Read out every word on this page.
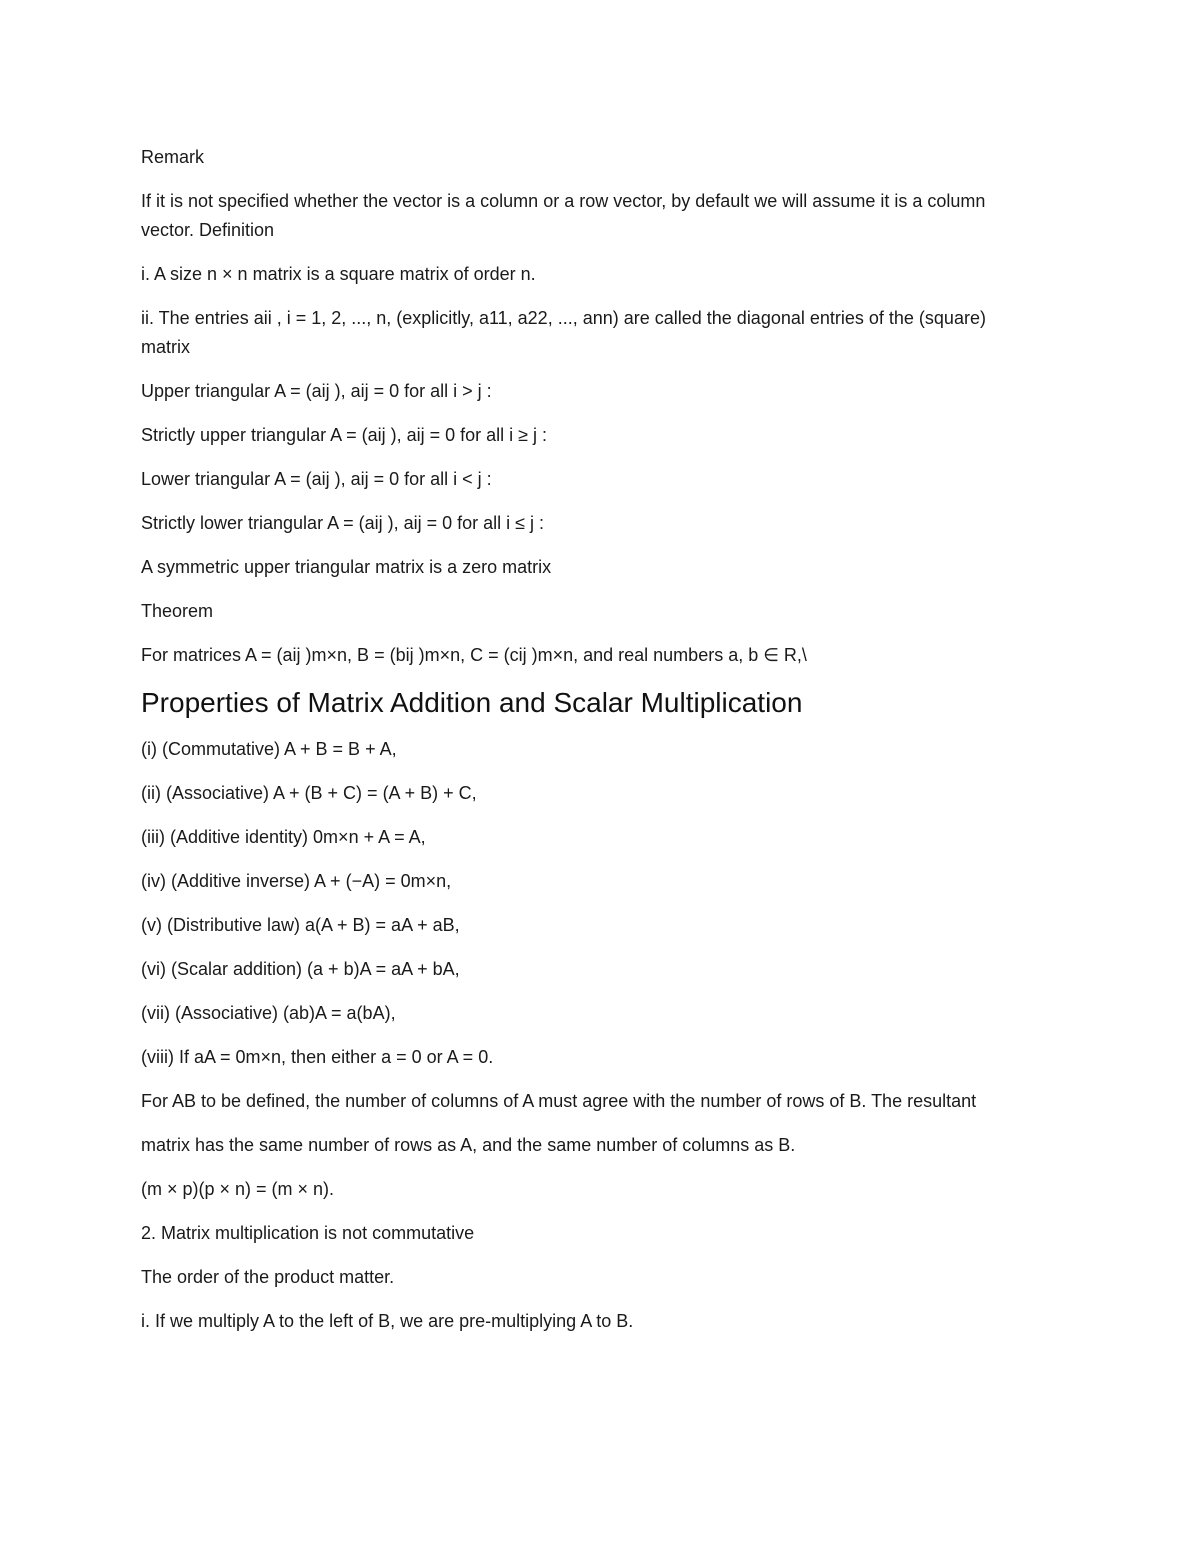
Remark

If it is not specified whether the vector is a column or a row vector, by default we will assume it is a column vector. Definition

i. A size n × n matrix is a square matrix of order n.

ii. The entries aii , i = 1, 2, ..., n, (explicitly, a11, a22, ..., ann) are called the diagonal entries of the (square) matrix

Upper triangular A = (aij ), aij = 0 for all i > j :

Strictly upper triangular A = (aij ), aij = 0 for all i ≥ j :

Lower triangular A = (aij ), aij = 0 for all i < j :

Strictly lower triangular A = (aij ), aij = 0 for all i ≤ j :

A symmetric upper triangular matrix is a zero matrix

Theorem

For matrices A = (aij )m×n, B = (bij )m×n, C = (cij )m×n, and real numbers a, b ∈ R,\

Properties of Matrix Addition and Scalar Multiplication

(i) (Commutative) A + B = B + A,

(ii) (Associative) A + (B + C) = (A + B) + C,

(iii) (Additive identity) 0m×n + A = A,

(iv) (Additive inverse) A + (−A) = 0m×n,

(v) (Distributive law) a(A + B) = aA + aB,

(vi) (Scalar addition) (a + b)A = aA + bA,

(vii) (Associative) (ab)A = a(bA),

(viii) If aA = 0m×n, then either a = 0 or A = 0.

For AB to be defined, the number of columns of A must agree with the number of rows of B. The resultant

matrix has the same number of rows as A, and the same number of columns as B.

(m × p)(p × n) = (m × n).

2. Matrix multiplication is not commutative

The order of the product matter.

i. If we multiply A to the left of B, we are pre-multiplying A to B.
